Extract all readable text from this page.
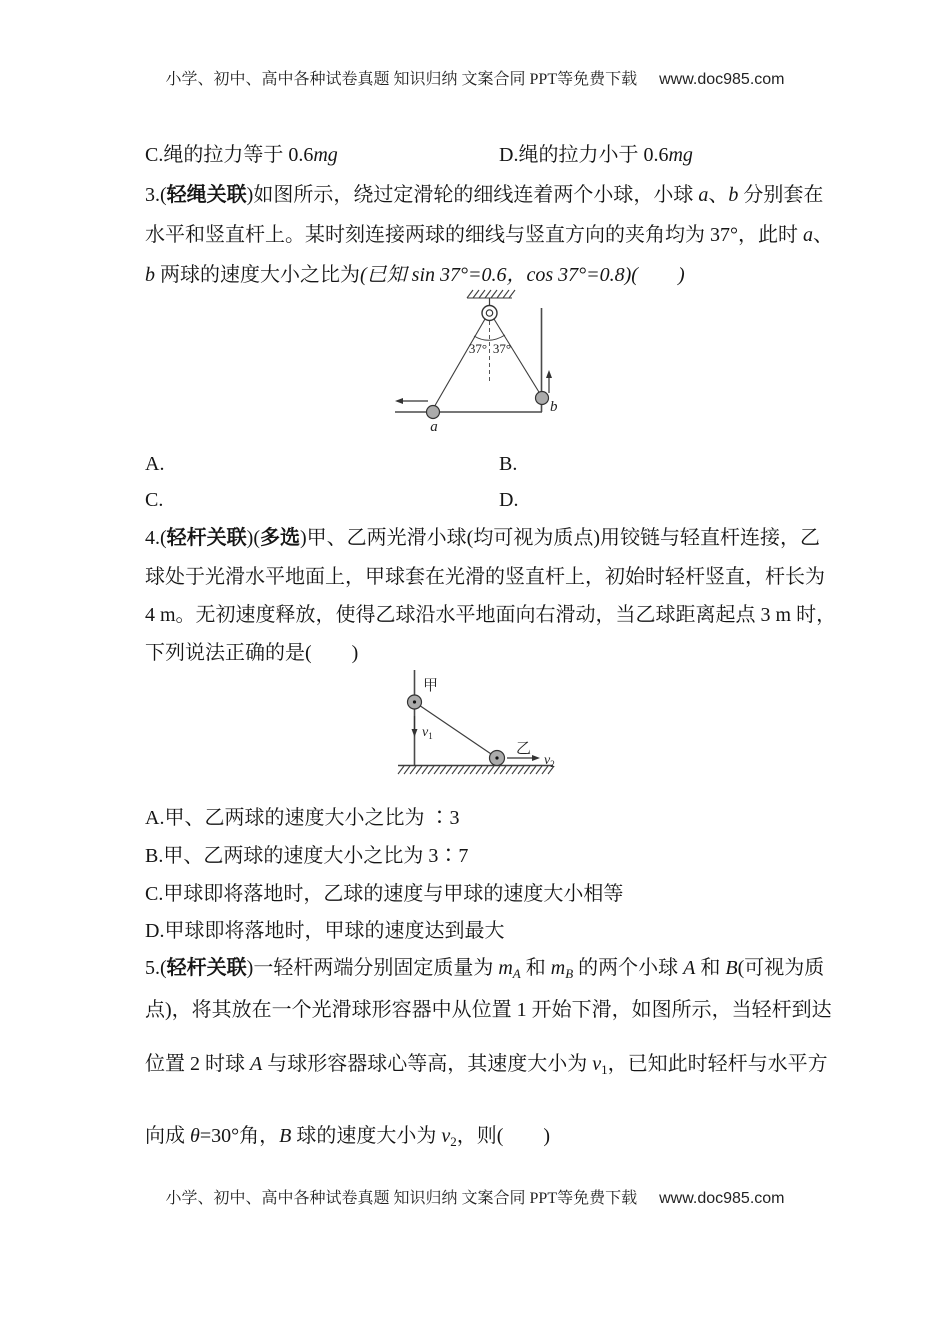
小学、初中、高中各种试卷真题 知识归纳 文案合同 PPT等免费下载 www.doc985.com
C.绳的拉力等于 0.6mg	D.绳的拉力小于 0.6mg
3.(轻绳关联)如图所示，绕过定滑轮的细线连着两个小球，小球 a、b 分别套在
水平和竖直杆上。某时刻连接两球的细线与竖直方向的夹角均为 37°，此时 a、
b 两球的速度大小之比为(已知 sin 37°=0.6，cos 37°=0.8)(　　)
37° 37°
a
b
A.	B.
C.	D.
4.(轻杆关联)(多选)甲、乙两光滑小球(均可视为质点)用铰链与轻直杆连接，乙
球处于光滑水平地面上，甲球套在光滑的竖直杆上，初始时轻杆竖直，杆长为
4 m。无初速度释放，使得乙球沿水平地面向右滑动，当乙球距离起点 3 m 时，
下列说法正确的是(　　)
甲
$v_1$
乙
$v_2$
A.甲、乙两球的速度大小之比为 ∶3
B.甲、乙两球的速度大小之比为 3∶7
C.甲球即将落地时，乙球的速度与甲球的速度大小相等
D.甲球即将落地时，甲球的速度达到最大
5.(轻杆关联)一轻杆两端分别固定质量为 $m_A$ 和 $m_B$ 的两个小球 A 和 B(可视为质
点)，将其放在一个光滑球形容器中从位置 1 开始下滑，如图所示，当轻杆到达
位置 2 时球 A 与球形容器球心等高，其速度大小为 $v_1$，已知此时轻杆与水平方
向成 θ=30°角，B 球的速度大小为 $v_2$，则(　　)
小学、初中、高中各种试卷真题 知识归纳 文案合同 PPT等免费下载 www.doc985.com
